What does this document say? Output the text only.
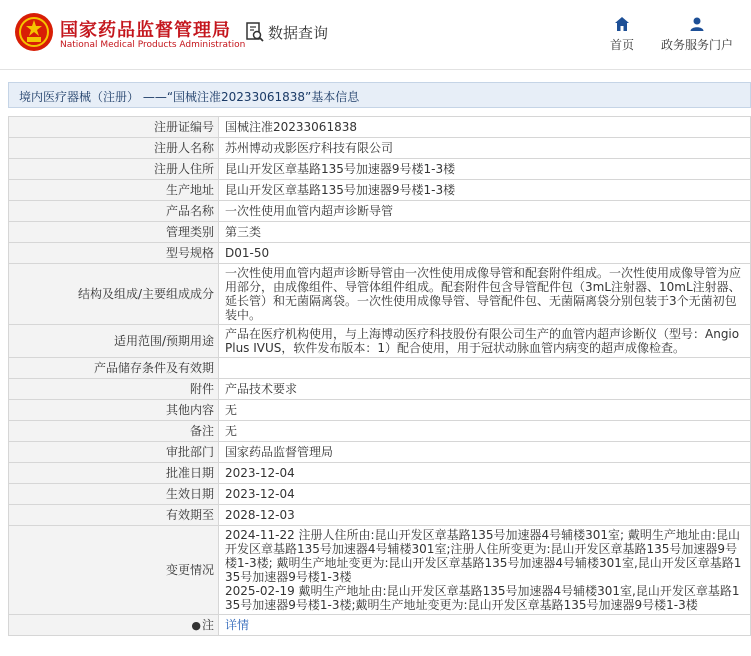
国家药品监督管理局
National Medical Products Administration
数据查询
首页	政务服务门户
境内医疗器械（注册） ——“国械注准20233061838”基本信息
注册证编号	国械注准20233061838
注册人名称	苏州博动戎影医疗科技有限公司
注册人住所	昆山开发区章基路135号加速器9号楼1-3楼
生产地址	昆山开发区章基路135号加速器9号楼1-3楼
产品名称	一次性使用血管内超声诊断导管
管理类别	第三类
型号规格	D01-50
结构及组成/主要组成成分	一次性使用血管内超声诊断导管由一次性使用成像导管和配套附件组成。一次性使用成像导管为应用部分，由成像组件、导管体组件组成。配套附件包含导管配件包（3mL注射器、10mL注射器、延长管）和无菌隔离袋。一次性使用成像导管、导管配件包、无菌隔离袋分别包装于3个无菌初包装中。
适用范围/预期用途	产品在医疗机构使用，与上海博动医疗科技股份有限公司生产的血管内超声诊断仪（型号：Angio Plus IVUS，软件发布版本：1）配合使用，用于冠状动脉血管内病变的超声成像检查。
产品储存条件及有效期	
附件	产品技术要求
其他内容	无
备注	无
审批部门	国家药品监督管理局
批准日期	2023-12-04
生效日期	2023-12-04
有效期至	2028-12-03
变更情况	2024-11-22 注册人住所由:昆山开发区章基路135号加速器4号辅楼301室; 戴明生产地址由:昆山开发区章基路135号加速器4号辅楼301室;注册人住所变更为:昆山开发区章基路135号加速器9号楼1-3楼; 戴明生产地址变更为:昆山开发区章基路135号加速器4号辅楼301室,昆山开发区章基路135号加速器9号楼1-3楼
2025-02-19 戴明生产地址由:昆山开发区章基路135号加速器4号辅楼301室,昆山开发区章基路135号加速器9号楼1-3楼;戴明生产地址变更为:昆山开发区章基路135号加速器9号楼1-3楼
●注	详情
